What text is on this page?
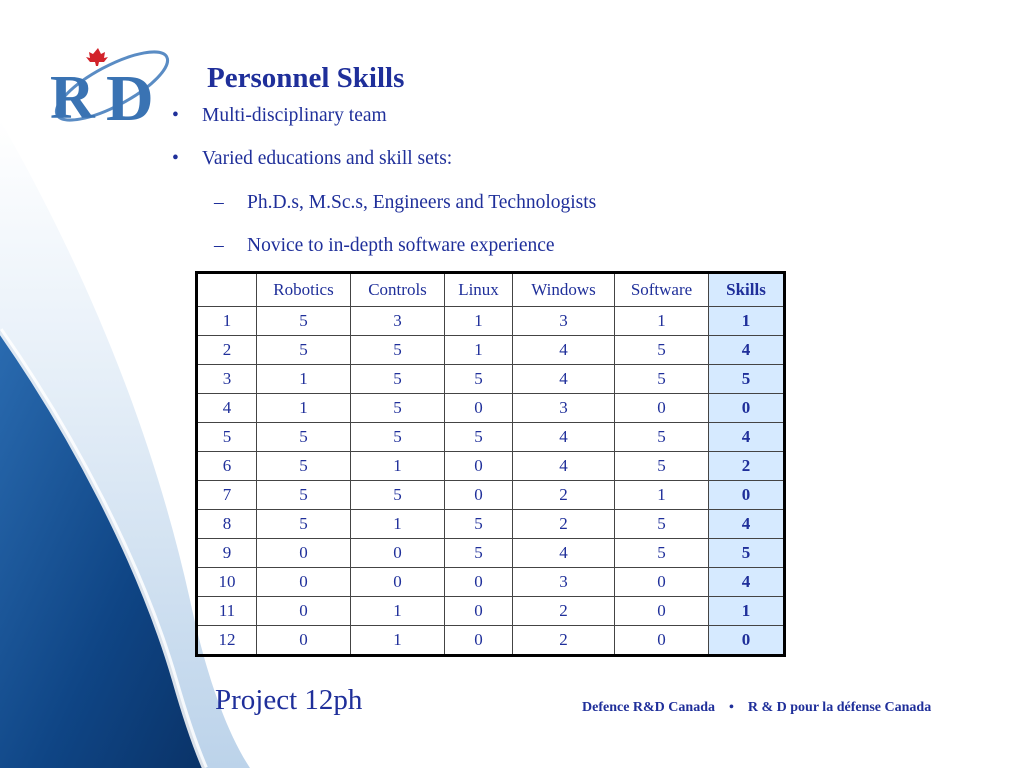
R D Personnel Skills
• Multi-disciplinary team
• Varied educations and skill sets:
– Ph.D.s, M.Sc.s, Engineers and Technologists
– Novice to in-depth software experience
	Robotics	Controls	Linux	Windows	Software	Skills
1	5	3	1	3	1	1
2	5	5	1	4	5	4
3	1	5	5	4	5	5
4	1	5	0	3	0	0
5	5	5	5	4	5	4
6	5	1	0	4	5	2
7	5	5	0	2	1	0
8	5	1	5	2	5	4
9	0	0	5	4	5	5
10	0	0	0	3	0	4
11	0	1	0	2	0	1
12	0	1	0	2	0	0
Project 12ph	Defence R&D Canada • R & D pour la défense Canada
